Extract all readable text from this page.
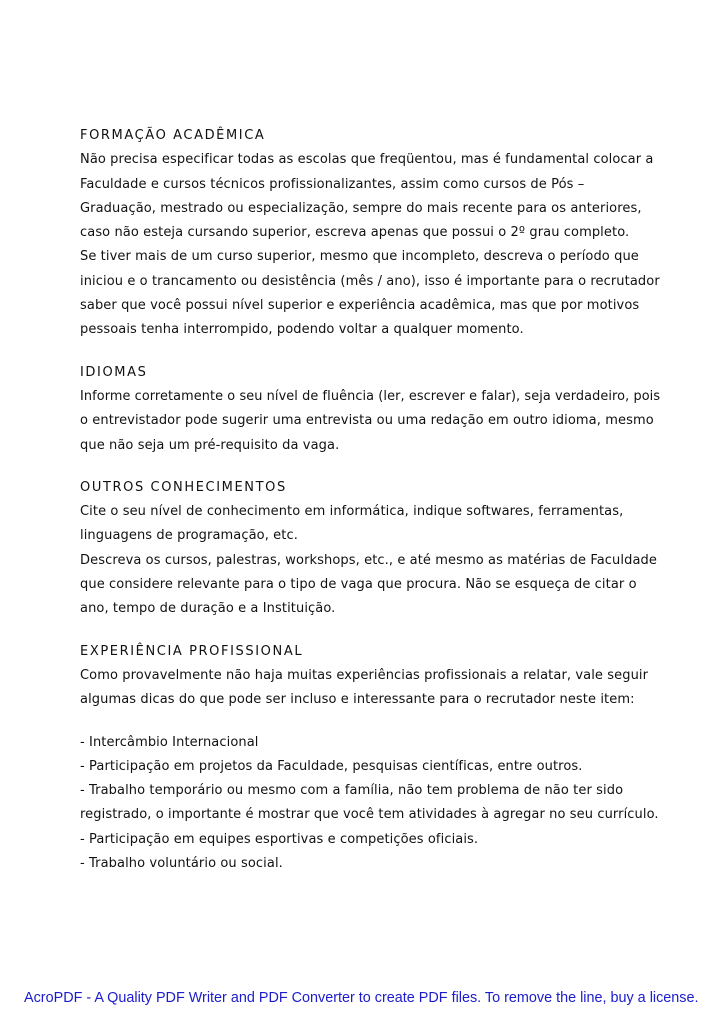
FORMAÇÃO ACADÊMICA
Não precisa especificar todas as escolas que freqüentou, mas é fundamental colocar a
Faculdade e cursos técnicos profissionalizantes, assim como cursos de Pós –
Graduação, mestrado ou especialização, sempre do mais recente para os anteriores,
caso não esteja cursando superior, escreva apenas que possui o 2º grau completo.
Se tiver mais de um curso superior, mesmo que incompleto, descreva o período que
iniciou e o trancamento ou desistência (mês / ano), isso é importante para o recrutador
saber que você possui nível superior e experiência acadêmica, mas que por motivos
pessoais tenha interrompido, podendo voltar a qualquer momento.
IDIOMAS
Informe corretamente o seu nível de fluência (ler, escrever e falar), seja verdadeiro, pois
o entrevistador pode sugerir uma entrevista ou uma redação em outro idioma, mesmo
que não seja um pré-requisito da vaga.
OUTROS CONHECIMENTOS
Cite o seu nível de conhecimento em informática, indique softwares, ferramentas,
linguagens de programação, etc.
Descreva os cursos, palestras, workshops, etc., e até mesmo as matérias de Faculdade
que considere relevante para o tipo de vaga que procura. Não se esqueça de citar o
ano, tempo de duração e a Instituição.
EXPERIÊNCIA PROFISSIONAL
Como provavelmente não haja muitas experiências profissionais a relatar, vale seguir
algumas dicas do que pode ser incluso e interessante para o recrutador neste item:
- Intercâmbio Internacional
- Participação em projetos da Faculdade, pesquisas científicas, entre outros.
- Trabalho temporário ou mesmo com a família, não tem problema de não ter sido
registrado, o importante é mostrar que você tem atividades à agregar no seu currículo.
- Participação em equipes esportivas e competições oficiais.
- Trabalho voluntário ou social.
AcroPDF - A Quality PDF Writer and PDF Converter to create PDF files. To remove the line, buy a license.
